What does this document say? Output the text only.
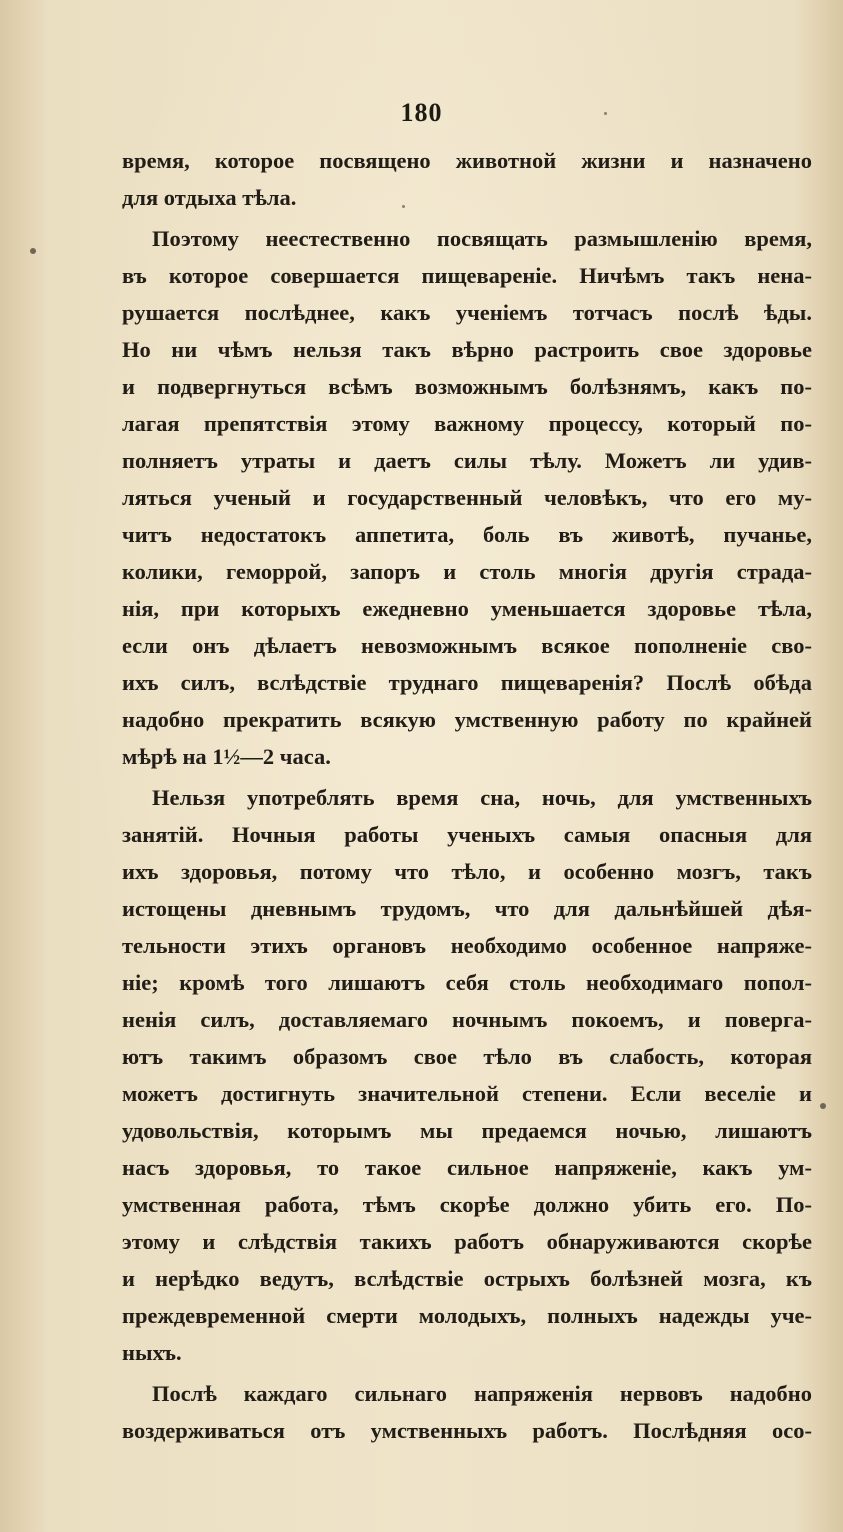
180

время, которое посвящено животной жизни и назначено
для отдыха тѣла.
Поэтому неестественно посвящать размышленію время,
въ которое совершается пищевареніе. Ничѣмъ такъ нена-
рушается послѣднее, какъ ученіемъ тотчасъ послѣ ѣды.
Но ни чѣмъ нельзя такъ вѣрно растроить свое здоровье
и подвергнуться всѣмъ возможнымъ болѣзнямъ, какъ по-
лагая препятствія этому важному процессу, который по-
полняетъ утраты и даетъ силы тѣлу. Можетъ ли удив-
ляться ученый и государственный человѣкъ, что его му-
читъ недостатокъ аппетита, боль въ животѣ, пучанье,
колики, геморрой, запоръ и столь многія другія страда-
нія, при которыхъ ежедневно уменьшается здоровье тѣла,
если онъ дѣлаетъ невозможнымъ всякое пополненіе сво-
ихъ силъ, вслѣдствіе труднаго пищеваренія? Послѣ обѣда
надобно прекратить всякую умственную работу по крайней
мѣрѣ на 1½—2 часа.
Нельзя употреблять время сна, ночь, для умственныхъ
занятій. Ночныя работы ученыхъ самыя опасныя для
ихъ здоровья, потому что тѣло, и особенно мозгъ, такъ
истощены дневнымъ трудомъ, что для дальнѣйшей дѣя-
тельности этихъ органовъ необходимо особенное напряже-
ніе; кромѣ того лишаютъ себя столь необходимаго попол-
ненія силъ, доставляемаго ночнымъ покоемъ, и поверга-
ютъ такимъ образомъ свое тѣло въ слабость, которая
можетъ достигнуть значительной степени. Если веселіе и
удовольствія, которымъ мы предаемся ночью, лишаютъ
насъ здоровья, то такое сильное напряженіе, какъ ум-
умственная работа, тѣмъ скорѣе должно убить его. По-
этому и слѣдствія такихъ работъ обнаруживаются скорѣе
и нерѣдко ведутъ, вслѣдствіе острыхъ болѣзней мозга, къ
преждевременной смерти молодыхъ, полныхъ надежды уче-
ныхъ.
Послѣ каждаго сильнаго напряженія нервовъ надобно
воздерживаться отъ умственныхъ работъ. Послѣдняя осо-
